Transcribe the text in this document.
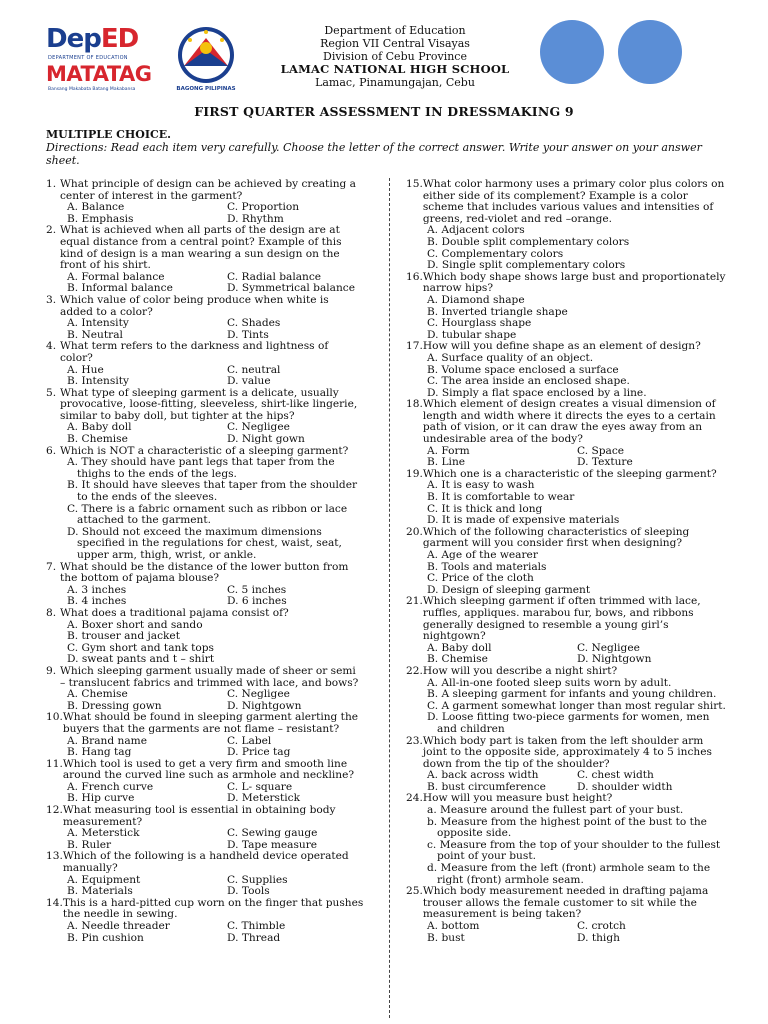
DepED
DEPARTMENT OF EDUCATION
MATATAG
Bansang Makabata Batang Makabansa	BAGONG PILIPINAS
Department of Education
Region VII Central Visayas
Division of Cebu Province
LAMAC NATIONAL HIGH SCHOOL
Lamac, Pinamungajan, Cebu
FIRST QUARTER ASSESSMENT IN DRESSMAKING 9
MULTIPLE CHOICE.
Directions: Read each item very carefully. Choose the letter of the correct answer. Write your answer on your answer sheet.
1. What principle of design can be achieved by creating a center of interest in the garment?
A. Balance	C. Proportion
B. Emphasis	D. Rhythm
2. What is achieved when all parts of the design are at equal distance from a central point? Example of this kind of design is a man wearing a sun design on the front of his shirt.
A. Formal balance	C. Radial balance
B. Informal balance	D. Symmetrical balance
3. Which value of color being produce when white is added to a color?
A. Intensity	C. Shades
B. Neutral	D. Tints
4. What term refers to the darkness and lightness of color?
A. Hue	C. neutral
B. Intensity	D. value
5. What type of sleeping garment is a delicate, usually provocative, loose-fitting, sleeveless, shirt-like lingerie, similar to baby doll, but tighter at the hips?
A. Baby doll	C. Negligee
B. Chemise	D. Night gown
6. Which is NOT a characteristic of a sleeping garment?
A. They should have pant legs that taper from the thighs to the ends of the legs.
B. It should have sleeves that taper from the shoulder to the ends of the sleeves.
C. There is a fabric ornament such as ribbon or lace attached to the garment.
D. Should not exceed the maximum dimensions specified in the regulations for chest, waist, seat, upper arm, thigh, wrist, or ankle.
7. What should be the distance of the lower button from the bottom of pajama blouse?
A. 3 inches	C. 5 inches
B. 4 inches	D. 6 inches
8. What does a traditional pajama consist of?
A. Boxer short and sando
B. trouser and jacket
C. Gym short and tank tops
D. sweat pants and t – shirt
9. Which sleeping garment usually made of sheer or semi – translucent fabrics and trimmed with lace, and bows?
A. Chemise	C. Negligee
B. Dressing gown	D. Nightgown
10. What should be found in sleeping garment alerting the buyers that the garments are not flame – resistant?
A. Brand name	C. Label
B. Hang tag	D. Price tag
11. Which tool is used to get a very firm and smooth line around the curved line such as armhole and neckline?
A. French curve	C. L- square
B. Hip curve	D. Meterstick
12. What measuring tool is essential in obtaining body measurement?
A. Meterstick	C. Sewing gauge
B. Ruler	D. Tape measure
13. Which of the following is a handheld device operated manually?
A. Equipment	C. Supplies
B. Materials	D. Tools
14. This is a hard-pitted cup worn on the finger that pushes the needle in sewing.
A. Needle threader	C. Thimble
B. Pin cushion	D. Thread
15. What color harmony uses a primary color plus colors on either side of its complement? Example is a color scheme that includes various values and intensities of greens, red-violet and red –orange.
A. Adjacent colors
B. Double split complementary colors
C. Complementary colors
D. Single split complementary colors
16. Which body shape shows large bust and proportionately narrow hips?
A. Diamond shape
B. Inverted triangle shape
C. Hourglass shape
D. tubular shape
17. How will you define shape as an element of design?
A. Surface quality of an object.
B. Volume space enclosed a surface
C. The area inside an enclosed shape.
D. Simply a flat space enclosed by a line.
18. Which element of design creates a visual dimension of length and width where it directs the eyes to a certain path of vision, or it can draw the eyes away from an undesirable area of the body?
A. Form	C. Space
B. Line	D. Texture
19. Which one is a characteristic of the sleeping garment?
A. It is easy to wash
B. It is comfortable to wear
C. It is thick and long
D. It is made of expensive materials
20. Which of the following characteristics of sleeping garment will you consider first when designing?
A. Age of the wearer
B. Tools and materials
C. Price of the cloth
D. Design of sleeping garment
21. Which sleeping garment if often trimmed with lace, ruffles, appliques. marabou fur, bows, and ribbons generally designed to resemble a young girl’s nightgown?
A. Baby doll	C. Negligee
B. Chemise	D. Nightgown
22. How will you describe a night shirt?
A. All-in-one footed sleep suits worn by adult.
B. A sleeping garment for infants and young children.
C. A garment somewhat longer than most regular shirt.
D. Loose fitting two-piece garments for women, men and children
23. Which body part is taken from the left shoulder arm joint to the opposite side, approximately 4 to 5 inches down from the tip of the shoulder?
A. back across width	C. chest width
B. bust circumference	D. shoulder width
24. How will you measure bust height?
a. Measure around the fullest part of your bust.
b. Measure from the highest point of the bust to the opposite side.
c. Measure from the top of your shoulder to the fullest point of your bust.
d. Measure from the left (front) armhole seam to the right (front) armhole seam.
25. Which body measurement needed in drafting pajama trouser allows the female customer to sit while the measurement is being taken?
A. bottom	C. crotch
B. bust	D. thigh
